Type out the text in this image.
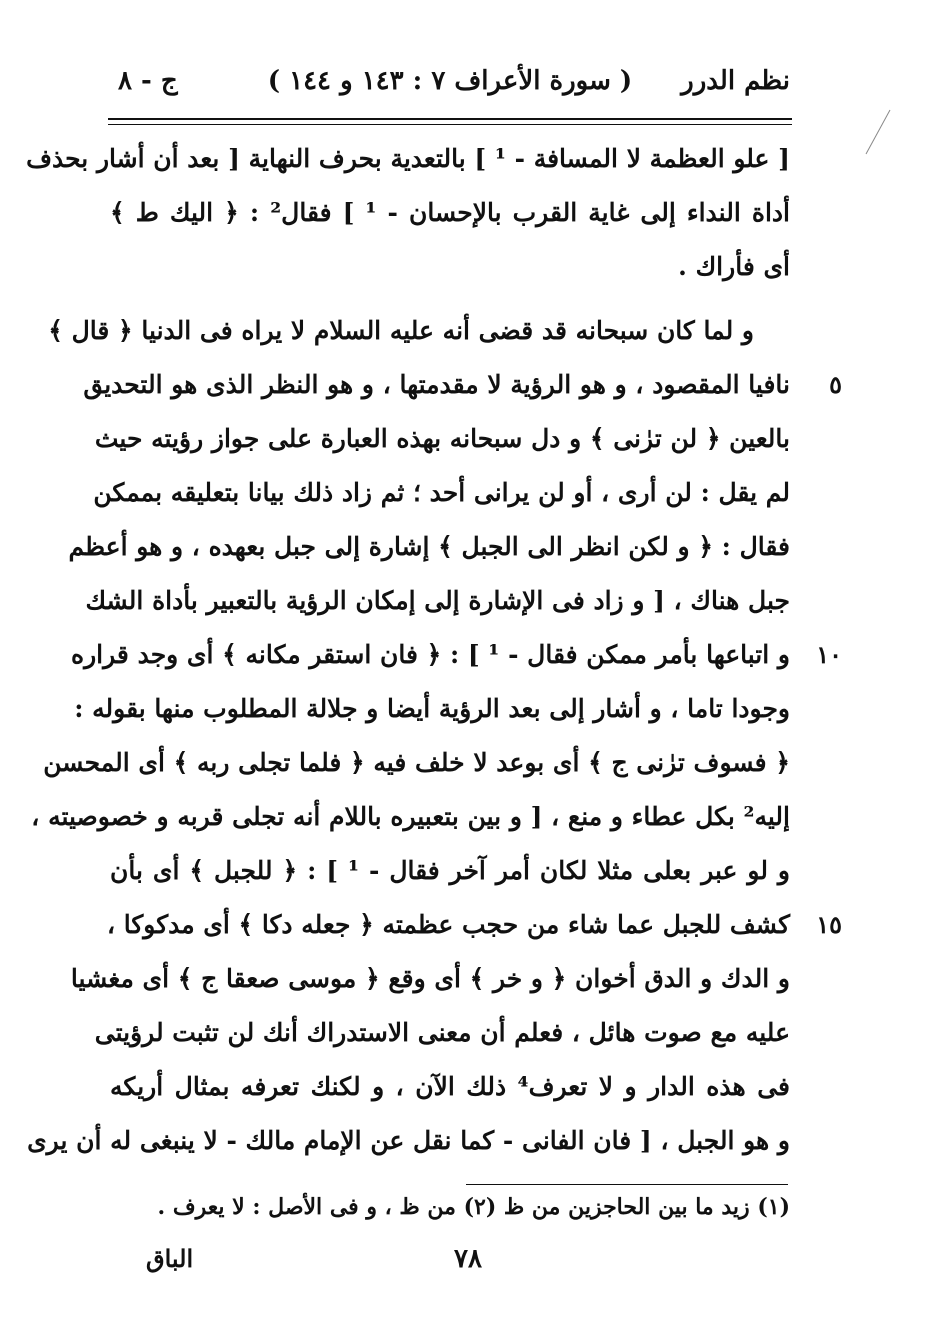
نظم الدرر
( سورة الأعراف ٧ : ١٤٣ و ١٤٤ )
ج - ٨
[ علو العظمة لا المسافة - ¹ ] بالتعدية بحرف النهاية [ بعد أن أشار بحذف
أداة النداء إلى غاية القرب بالإحسان - ¹ ] فقال² : ﴿ اليك ط ﴾
أى فأراك .
و لما كان سبحانه قد قضى أنه عليه السلام لا يراه فى الدنيا ﴿ قال ﴾
٥
نافيا المقصود ، و هو الرؤية لا مقدمتها ، و هو النظر الذى هو التحديق
بالعين ﴿ لن ترٰنى ﴾ و دل سبحانه بهذه العبارة على جواز رؤيته حيث
لم يقل : لن أرى ، أو لن يرانى أحد ؛ ثم زاد ذلك بيانا بتعليقه بممكن
فقال : ﴿ و لكن انظر الى الجبل ﴾ إشارة إلى جبل بعهده ، و هو أعظم
جبل هناك ، [ و زاد فى الإشارة إلى إمكان الرؤية بالتعبير بأداة الشك
١٠
و اتباعها بأمر ممكن فقال - ¹ ] : ﴿ فان استقر مكانه ﴾ أى وجد قراره
وجودا تاما ، و أشار إلى بعد الرؤية أيضا و جلالة المطلوب منها بقوله :
﴿ فسوف ترٰنى ج ﴾ أى بوعد لا خلف فيه ﴿ فلما تجلى ربه ﴾ أى المحسن
إليه² بكل عطاء و منع ، [ و بين بتعبيره باللام أنه تجلى قربه و خصوصيته ،
و لو عبر بعلى مثلا لكان أمر آخر فقال - ¹ ] : ﴿ للجبل ﴾ أى بأن
١٥
كشف للجبل عما شاء من حجب عظمته ﴿ جعله دكا ﴾ أى مدكوكا ،
و الدك و الدق أخوان ﴿ و خر ﴾ أى وقع ﴿ موسى صعقا ج ﴾ أى مغشيا
عليه مع صوت هائل ، فعلم أن معنى الاستدراك أنك لن تثبت لرؤيتى
فى هذه الدار و لا تعرف⁴ ذلك الآن ، و لكنك تعرفه بمثال أريكه
و هو الجبل ، [ فان الفانى - كما نقل عن الإمام مالك - لا ينبغى له أن يرى
(١) زيد ما بين الحاجزين من ظ (٢) من ظ ، و فى الأصل : لا يعرف .
٧٨
الباق
